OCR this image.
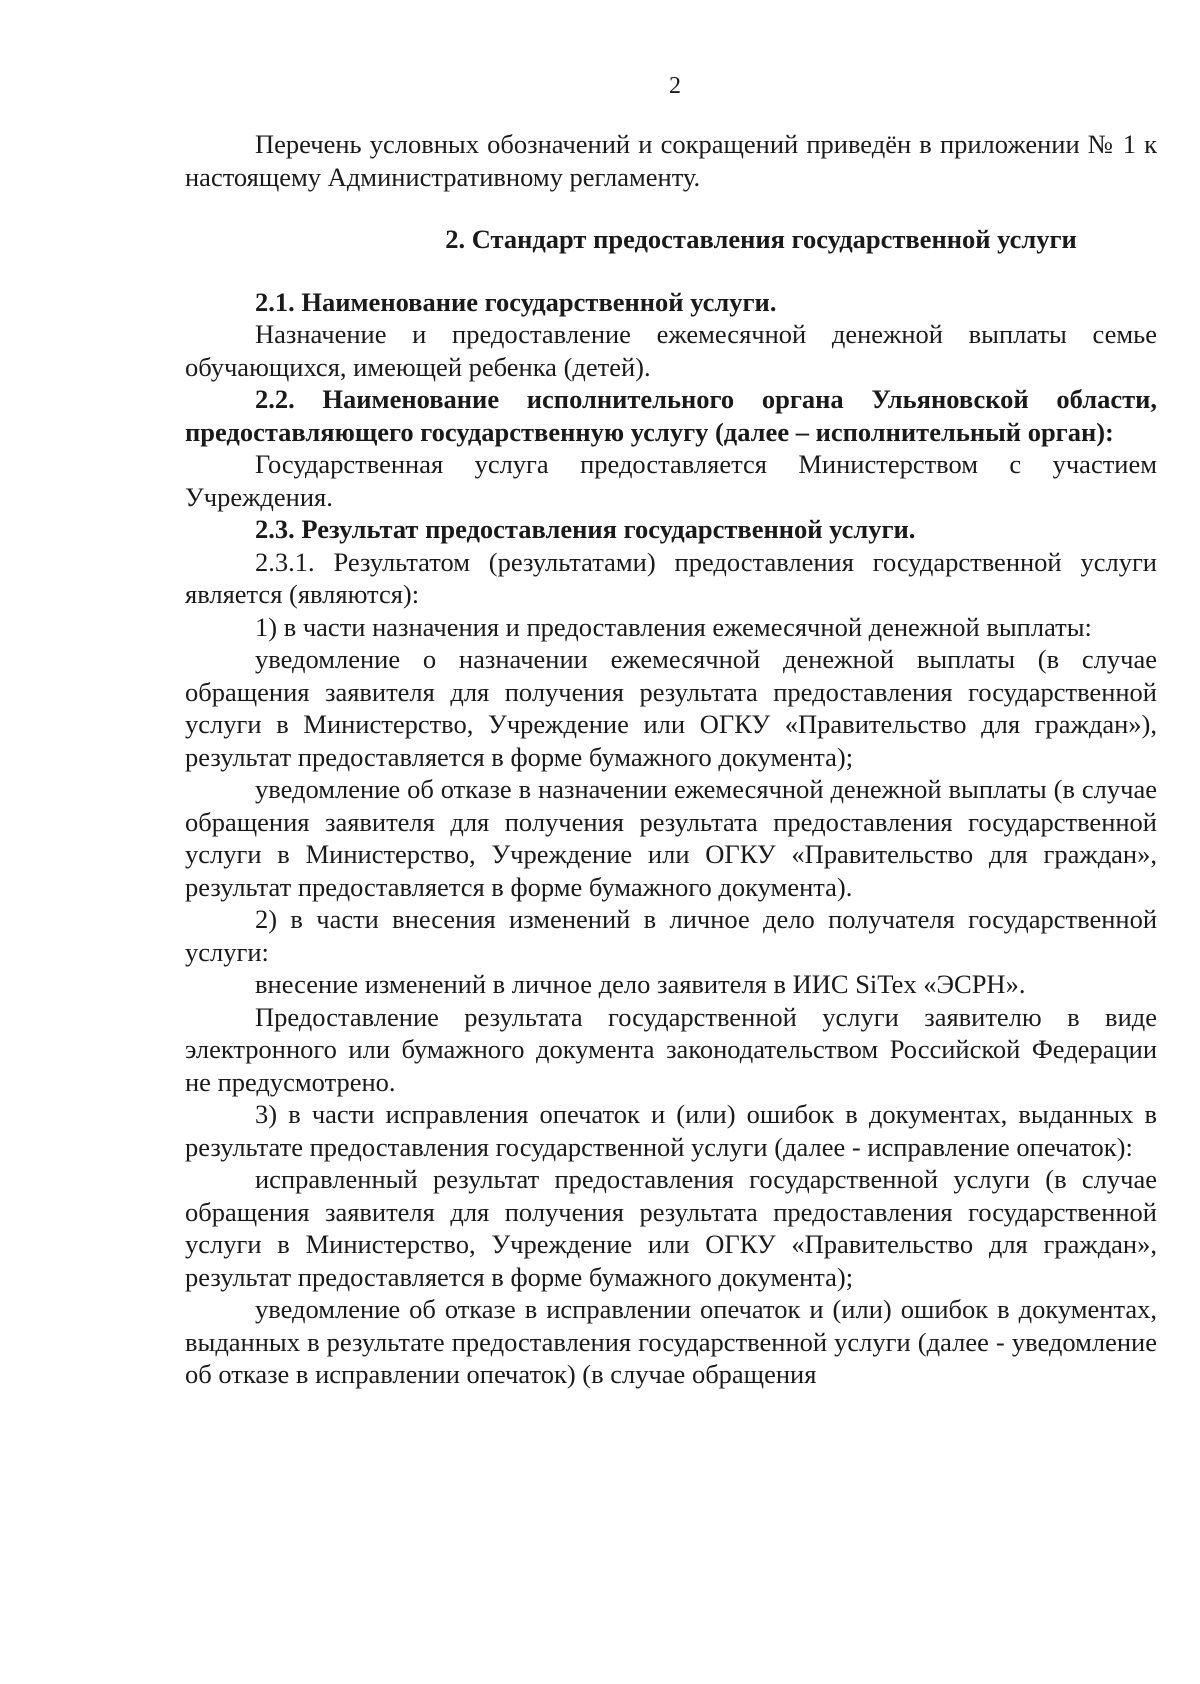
2

Перечень условных обозначений и сокращений приведён в приложении № 1 к настоящему Административному регламенту.

2. Стандарт предоставления государственной услуги

2.1. Наименование государственной услуги.

Назначение и предоставление ежемесячной денежной выплаты семье обучающихся, имеющей ребенка (детей).

2.2. Наименование исполнительного органа Ульяновской области, предоставляющего государственную услугу (далее – исполнительный орган):

Государственная услуга предоставляется Министерством с участием Учреждения.

2.3. Результат предоставления государственной услуги.

2.3.1. Результатом (результатами) предоставления государственной услуги является (являются):

1) в части назначения и предоставления ежемесячной денежной выплаты:

уведомление о назначении ежемесячной денежной выплаты (в случае обращения заявителя для получения результата предоставления государственной услуги в Министерство, Учреждение или ОГКУ «Правительство для граждан»), результат предоставляется в форме бумажного документа);

уведомление об отказе в назначении ежемесячной денежной выплаты (в случае обращения заявителя для получения результата предоставления государственной услуги в Министерство, Учреждение или ОГКУ «Правительство для граждан», результат предоставляется в форме бумажного документа).

2) в части внесения изменений в личное дело получателя государственной услуги:

внесение изменений в личное дело заявителя в ИИС SiTex «ЭСРН».

Предоставление результата государственной услуги заявителю в виде электронного или бумажного документа законодательством Российской Федерации не предусмотрено.

3) в части исправления опечаток и (или) ошибок в документах, выданных в результате предоставления государственной услуги (далее - исправление опечаток):

исправленный результат предоставления государственной услуги (в случае обращения заявителя для получения результата предоставления государственной услуги в Министерство, Учреждение или ОГКУ «Правительство для граждан», результат предоставляется в форме бумажного документа);

уведомление об отказе в исправлении опечаток и (или) ошибок в документах, выданных в результате предоставления государственной услуги (далее - уведомление об отказе в исправлении опечаток) (в случае обращения
